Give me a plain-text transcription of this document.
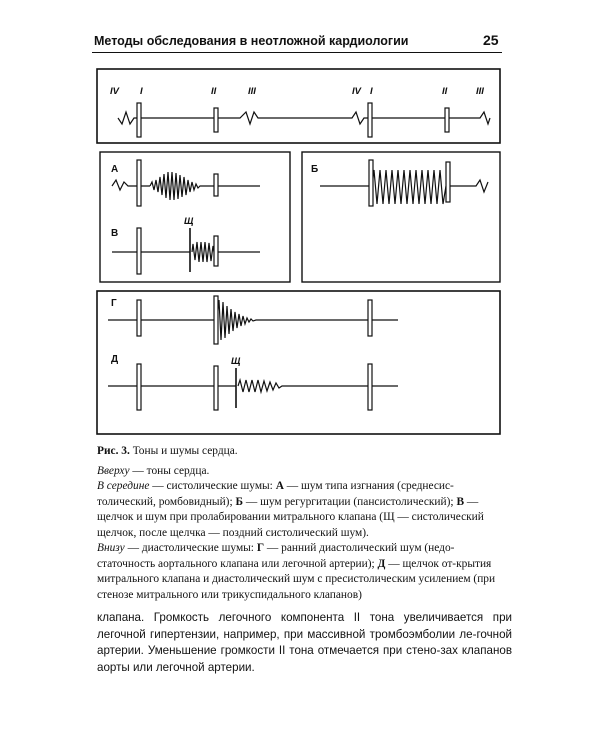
Методы обследования в неотложной кардиологии	25
IV I	II	III	IV I	II	III
А	Б
В
Г
Д
Щ
Щ

Рис. 3. Тоны и шумы сердца.

Вверху — тоны сердца.

В середине — систолические шумы: А — шум типа изгнания (среднесис-толический, ромбовидный); Б — шум регургитации (пансистолический); В — щелчок и шум при пролабировании митрального клапана (Щ — систолический щелчок, после щелчка — поздний систолический шум).

Внизу — диастолические шумы: Г — ранний диастолический шум (недо-статочность аортального клапана или легочной артерии); Д — щелчок от-крытия митрального клапана и диастолический шум с пресистолическим усилением (при стенозе митрального или трикуспидального клапанов)

клапана. Громкость легочного компонента II тона увеличивается при легочной гипертензии, например, при массивной тромбоэмболии ле-гочной артерии. Уменьшение громкости II тона отмечается при стено-зах клапанов аорты или легочной артерии.
